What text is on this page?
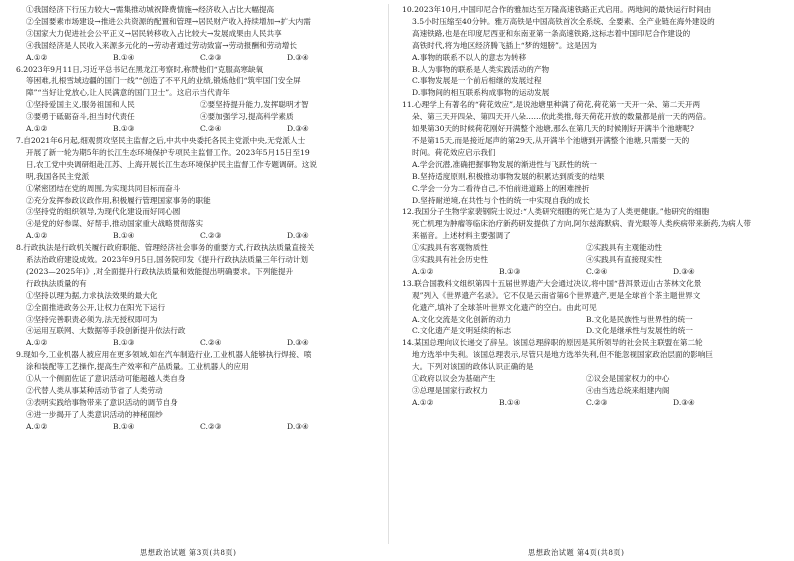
①我国经济下行压力较大→需集推动城祝降费情施→经济收入占比大幅提高
②全国要素市场建设→推进公共资源的配置和管理→居民财产收入持续增加→扩大内需
③国家大力促进社会公平正义→居民转移收入占比较大→发展成果由人民共享
④我国经济是人民收入来源多元化的→劳动者通过劳动致富→劳动报酬和劳动增长
A.①②	B.①④	C.②③	D.③④
6.2023年9月11日,习近平总书记在黑龙江考察时,称赞他们“克服高寒缺氧
等困难,扎根雪域边疆的国门一线”“创造了不平凡的业绩,锻炼他们“筑牢国门安全屏
障”“当好让党放心,让人民满意的国门卫士”。这启示当代青年
①坚持爱国主义,服务祖国和人民	②要坚持提升能力,发挥聪明才智
③要勇于砥砺奋斗,担当时代责任	④要加强学习,提高科学素质
A.①②	B.①③	C.②④	D.③④
7.自2021年6月起,细观贯攻坚民主监督之后,中共中央委托各民主党派中央,无党派人士
开展了新一轮为期5年的长江生态环境保护专项民主监督工作。2023年5月15日至19
日,农工党中央调研组赴江苏、上海开展长江生态环境保护民主监督工作专题调研。这说
明,我国各民主党派
①紧密团结在党的周围,为实现共同目标而奋斗
②充分发挥参政议政作用,积极履行管理国家事务的职能
③坚持党的组织领导,为现代化建设而好同心圆
④是党的好参谋、好帮手,推动国家重大战略贯彻落实
A.①②	B.①④	C.②③	D.③④
8.行政执法是行政机关履行政府职能、管理经济社会事务的重要方式,行政执法质量直接关
系法治政府建设成效。2023年9月5日,国务院印发《提升行政执法质量三年行动计划
(2023—2025年)》,对全面提升行政执法质量和效能提出明确要求。下列能提升
行政执法质量的有
①坚持以理为据,力求执法效果的最大化
②全面推进政务公开,让权力在阳光下运行
③坚持完善职责必须为,法无授权即可为
④运用互联网、大数据等手段创新提升依法行政
A.①②	B.①③	C.②④	D.③④
9.现如今,工业机器人被应用在更多领域,如在汽车制造行业,工业机器人能够执行焊接、喷
涂和装配等工艺操作,提高生产效率和产品质量。工业机器人的应用
①从一个侧面佐证了意识活动可能超越人类自身
②代替人类从事某种活动节省了人类劳动
③表明实践给事物带来了意识活动的调节自身
④进一步揭开了人类意识活动的神秘面纱
A.①②	B.①④	C.②③	D.③④
10.2023年10月,中国印尼合作的雅加达至万隆高速铁路正式启用。两地间的最快运行时间由
3.5小时压缩至40分钟。雅万高铁是中国高铁首次全系统、全要素、全产业链在海外建设的
高速铁路,也是在印度尼西亚和东南亚第一条高速铁路,这标志着中国印尼合作建设的
高铁时代,将为地区经济腾飞插上“梦的翅膀”。这是因为
A.事物的联系不以人的意志为转移
B.人为事物的联系是人类实践活动的产物
C.事物发展是一个前后相继的发展过程
D.事物间的相互联系构成事物的运动发展
11.心理学上有著名的“荷花效应”,是说池塘里种满了荷花,荷花第一天开一朵、第二天开两
朵、第三天开四朵、第四天开八朵……依此类推,每天荷花开放的数量都是前一天的两倍。
如果第30天的时候荷花刚好开满整个池塘,那么在第几天的时候刚好开满半个池塘呢?
不是第15天,而是接近尾声的第29天,从开满半个池塘到开满整个池塘,只需要一天的
时间。荷花效应启示我们
A.学会沉潜,准确把握事物发展的渐进性与飞跃性的统一
B.坚持适度原则,积极推动事物发展的积累达到质变的结果
C.学会一分为二看待自己,不怕前进道路上的困难挫折
D.坚持耐逆境,在共性与个性的统一中实现自我的成长
12.我国分子生物学家裴钢院士说过:“人类研究细胞的死亡是为了人类更健康。”他研究的细胞
死亡机理为肿瘤等临床治疗新药研发提供了方向,阿尔兹海默病、青光眼等人类疾病带来新药,为病人带
来福音。上述材料主要强调了
①实践具有客观物质性	②实践具有主观能动性
③实践具有社会历史性	④实践具有直接现实性
A.①②	B.①③	C.②④	D.③④
13.联合国教科文组织第四十五届世界遗产大会通过决议,将中国“普洱景迈山古茶林文化景
观”列入《世界遗产名录》。它不仅是云南省第6个世界遗产,更是全球首个茶主题世界文
化遗产,填补了全球茶叶世界文化遗产的空白。由此可见
A.文化交流是文化创新的动力	B.文化是民族性与世界性的统一
C.文化遗产是文明延续的标志	D.文化是继承性与发展性的统一
14.某国总理向议长递交了辞呈。该国总理辞职的原因是其所领导的社会民主联盟在第二轮
地方选举中失利。该国总理表示,尽管只是地方选举失利,但不能忽视国家政治层面的影响巨
大。下列对该国的政体认识正确的是
①政府以议会为基础产生	②议会是国家权力的中心
③总理是国家行政权力	④由当选总统来组建内阁
A.①②	B.①④	C.②③	D.③④
思想政治试题 第3页(共8页)	思想政治试题 第4页(共8页)
